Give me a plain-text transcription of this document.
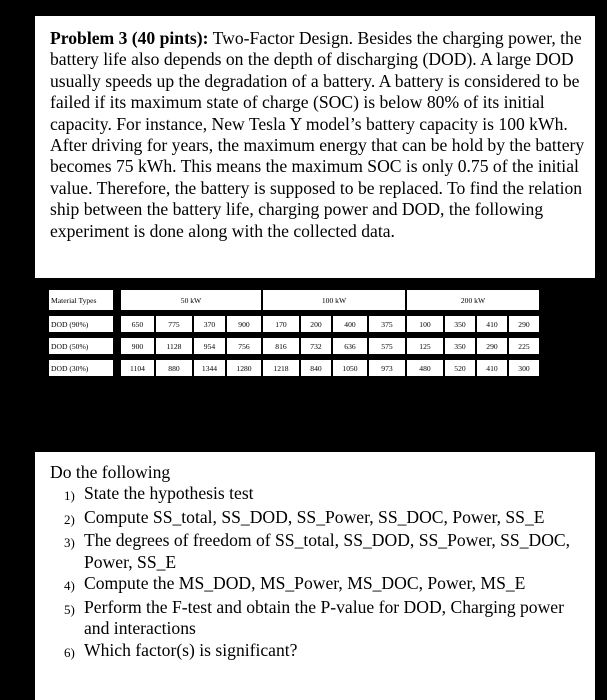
Problem 3 (40 pints): Two-Factor Design. Besides the charging power, the battery life also depends on the depth of discharging (DOD). A large DOD usually speeds up the degradation of a battery. A battery is considered to be failed if its maximum state of charge (SOC) is below 80% of its initial capacity. For instance, New Tesla Y model’s battery capacity is 100 kWh. After driving for years, the maximum energy that can be hold by the battery becomes 75 kWh. This means the maximum SOC is only 0.75 of the initial value. Therefore, the battery is supposed to be replaced. To find the relation ship between the battery life, charging power and DOD, the following experiment is done along with the collected data.

Material Types		50 kW				100 kW				200 kW			

DOD (90%)		650	775	370	900	170	200	400	375	100	350	410	290

DOD (50%)		900	1128	954	756	816	732	636	575	125	350	290	225

DOD (30%)		1104	880	1344	1280	1218	840	1050	973	480	520	410	300

Do the following

1) State the hypothesis test
2) Compute SS_total, SS_DOD, SS_Power, SS_DOC, Power, SS_E
3) The degrees of freedom of SS_total, SS_DOD, SS_Power, SS_DOC, Power, SS_E
4) Compute the MS_DOD, MS_Power, MS_DOC, Power, MS_E
5) Perform the F-test and obtain the P-value for DOD, Charging power and interactions
6) Which factor(s) is significant?
